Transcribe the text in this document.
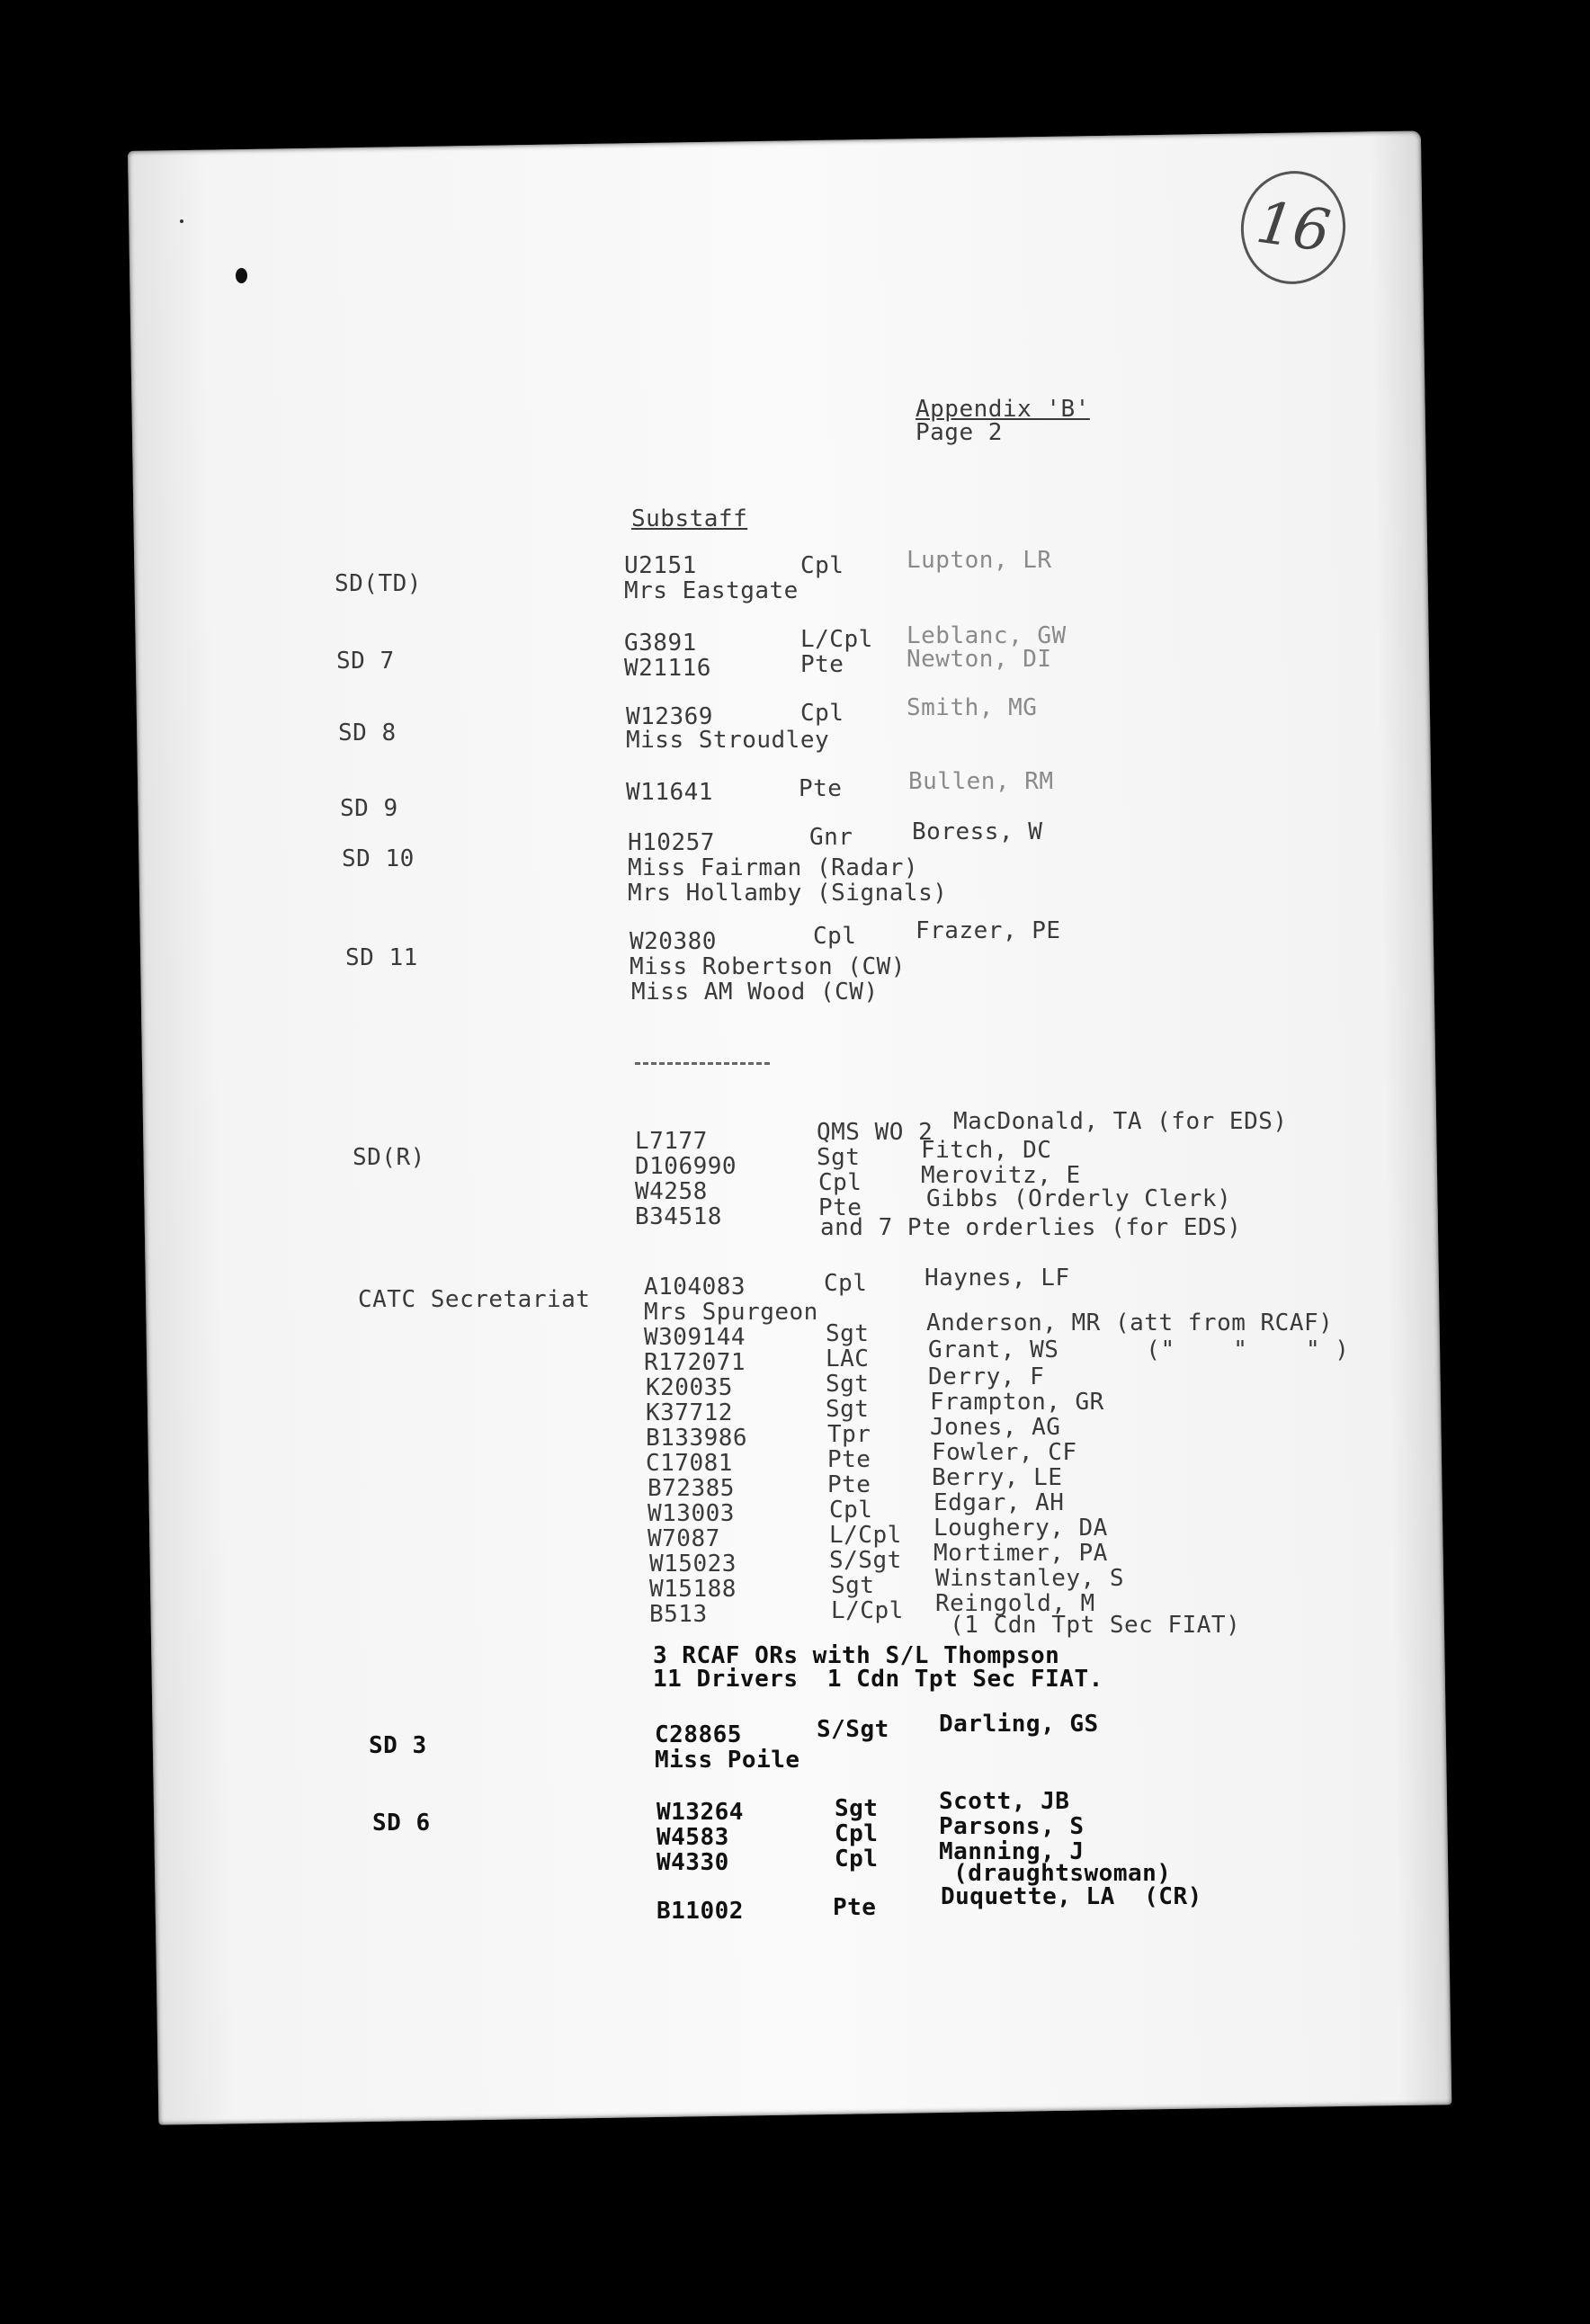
16
Appendix 'B'
Page 2
Substaff
SD(TD)
U2151	Cpl	Lupton, LR
Mrs Eastgate
SD 7
G3891	L/Cpl Leblanc, GW
W21116	Pte	Newton, DI
SD 8
W12369	Cpl	Smith, MG
Miss Stroudley
SD 9
W11641	Pte	Bullen, RM
SD 10
H10257	Gnr	Boress, W
Miss Fairman (Radar)
Mrs Hollamby (Signals)
SD 11
W20380	Cpl	Frazer, PE
Miss Robertson (CW)
Miss AM Wood (CW)
SD(R)
L7177	QMS WO 2 MacDonald, TA (for EDS)
D106990	Sgt	Fitch, DC
W4258	Cpl	Merovitz, E
B34518	Pte	Gibbs (Orderly Clerk)
and 7 Pte orderlies (for EDS)
CATC Secretariat A104083	Cpl Haynes, LF
Mrs Spurgeon
W309144	Sgt Anderson, MR (att from RCAF)
R172071	LAC	Grant, WS      ("    "    " )
K20035	Sgt	Derry, F
K37712	Sgt	Frampton, GR
B133986	Tpr	Jones, AG
C17081	Pte	Fowler, CF
B72385	Pte	Berry, LE
W13003	Cpl	Edgar, AH
W7087	L/Cpl Loughery, DA
W15023	S/Sgt Mortimer, PA
W15188	Sgt	Winstanley, S
B513	L/Cpl Reingold, M
(1 Cdn Tpt Sec FIAT)
3 RCAF ORs with S/L Thompson
11 Drivers  1 Cdn Tpt Sec FIAT.
SD 3	C28865	S/Sgt Darling, GS
Miss Poile
SD 6	W13264	Sgt	Scott, JB
W4583	Cpl	Parsons, S
W4330	Cpl	Manning, J
(draughtswoman)
B11002	Pte	Duquette, LA  (CR)
